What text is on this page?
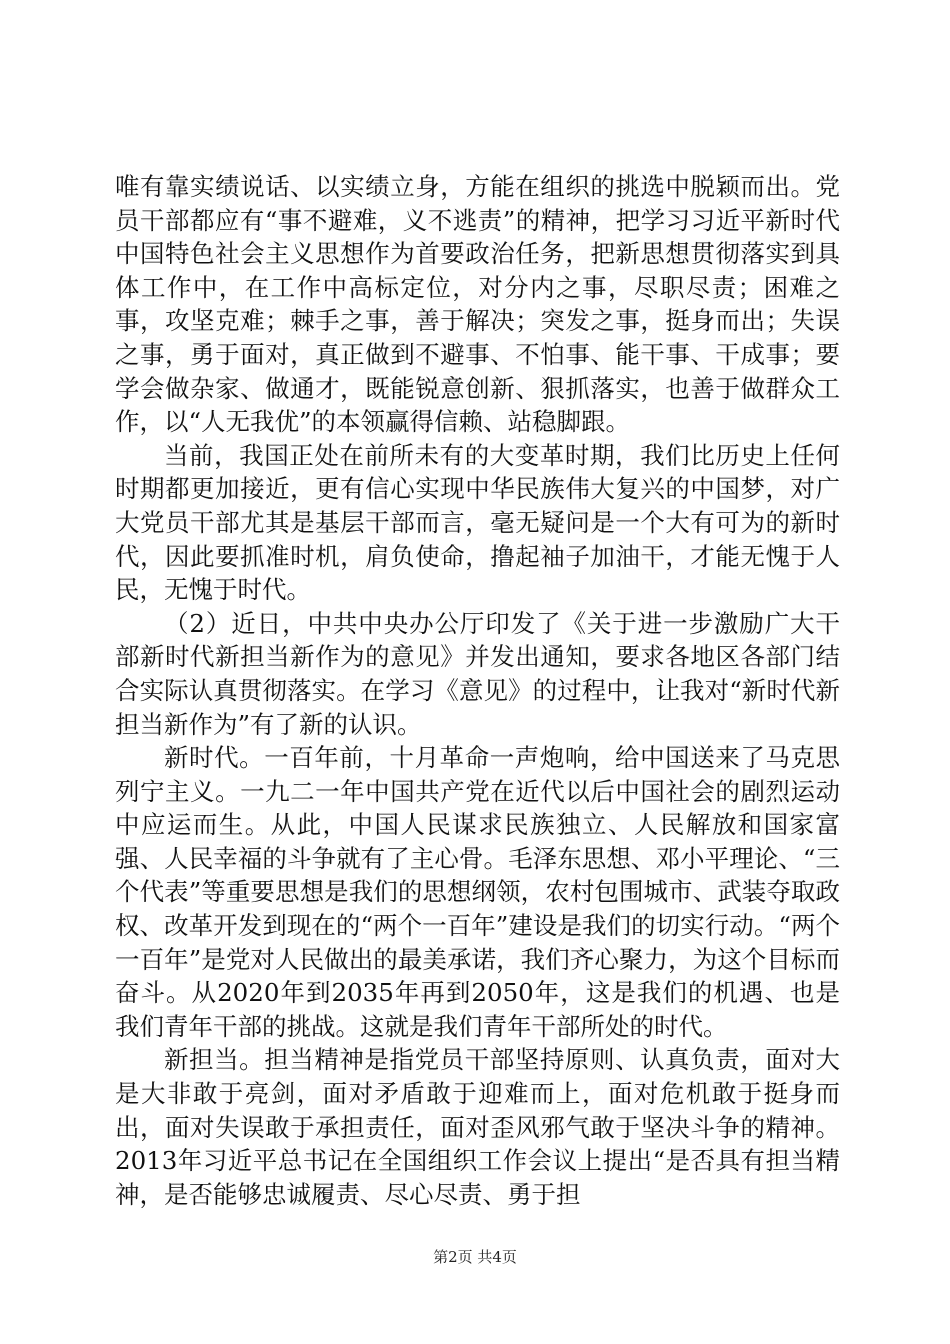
唯有靠实绩说话、以实绩立身，方能在组织的挑选中脱颖而出。党员干部都应有“事不避难，义不逃责”的精神，把学习习近平新时代中国特色社会主义思想作为首要政治任务，把新思想贯彻落实到具体工作中，在工作中高标定位，对分内之事，尽职尽责；困难之事，攻坚克难；棘手之事，善于解决；突发之事，挺身而出；失误之事，勇于面对，真正做到不避事、不怕事、能干事、干成事；要学会做杂家、做通才，既能锐意创新、狠抓落实，也善于做群众工作，以“人无我优”的本领赢得信赖、站稳脚跟。

当前，我国正处在前所未有的大变革时期，我们比历史上任何时期都更加接近，更有信心实现中华民族伟大复兴的中国梦，对广大党员干部尤其是基层干部而言，毫无疑问是一个大有可为的新时代，因此要抓准时机，肩负使命，撸起袖子加油干，才能无愧于人民，无愧于时代。

（2）近日，中共中央办公厅印发了《关于进一步激励广大干部新时代新担当新作为的意见》并发出通知，要求各地区各部门结合实际认真贯彻落实。在学习《意见》的过程中，让我对“新时代新担当新作为”有了新的认识。

新时代。一百年前，十月革命一声炮响，给中国送来了马克思列宁主义。一九二一年中国共产党在近代以后中国社会的剧烈运动中应运而生。从此，中国人民谋求民族独立、人民解放和国家富强、人民幸福的斗争就有了主心骨。毛泽东思想、邓小平理论、“三个代表”等重要思想是我们的思想纲领，农村包围城市、武装夺取政权、改革开发到现在的“两个一百年”建设是我们的切实行动。“两个一百年”是党对人民做出的最美承诺，我们齐心聚力，为这个目标而奋斗。从2020年到2035年再到2050年，这是我们的机遇、也是我们青年干部的挑战。这就是我们青年干部所处的时代。

新担当。担当精神是指党员干部坚持原则、认真负责，面对大是大非敢于亮剑，面对矛盾敢于迎难而上，面对危机敢于挺身而出，面对失误敢于承担责任，面对歪风邪气敢于坚决斗争的精神。2013年习近平总书记在全国组织工作会议上提出“是否具有担当精神，是否能够忠诚履责、尽心尽责、勇于担

第2页 共4页
